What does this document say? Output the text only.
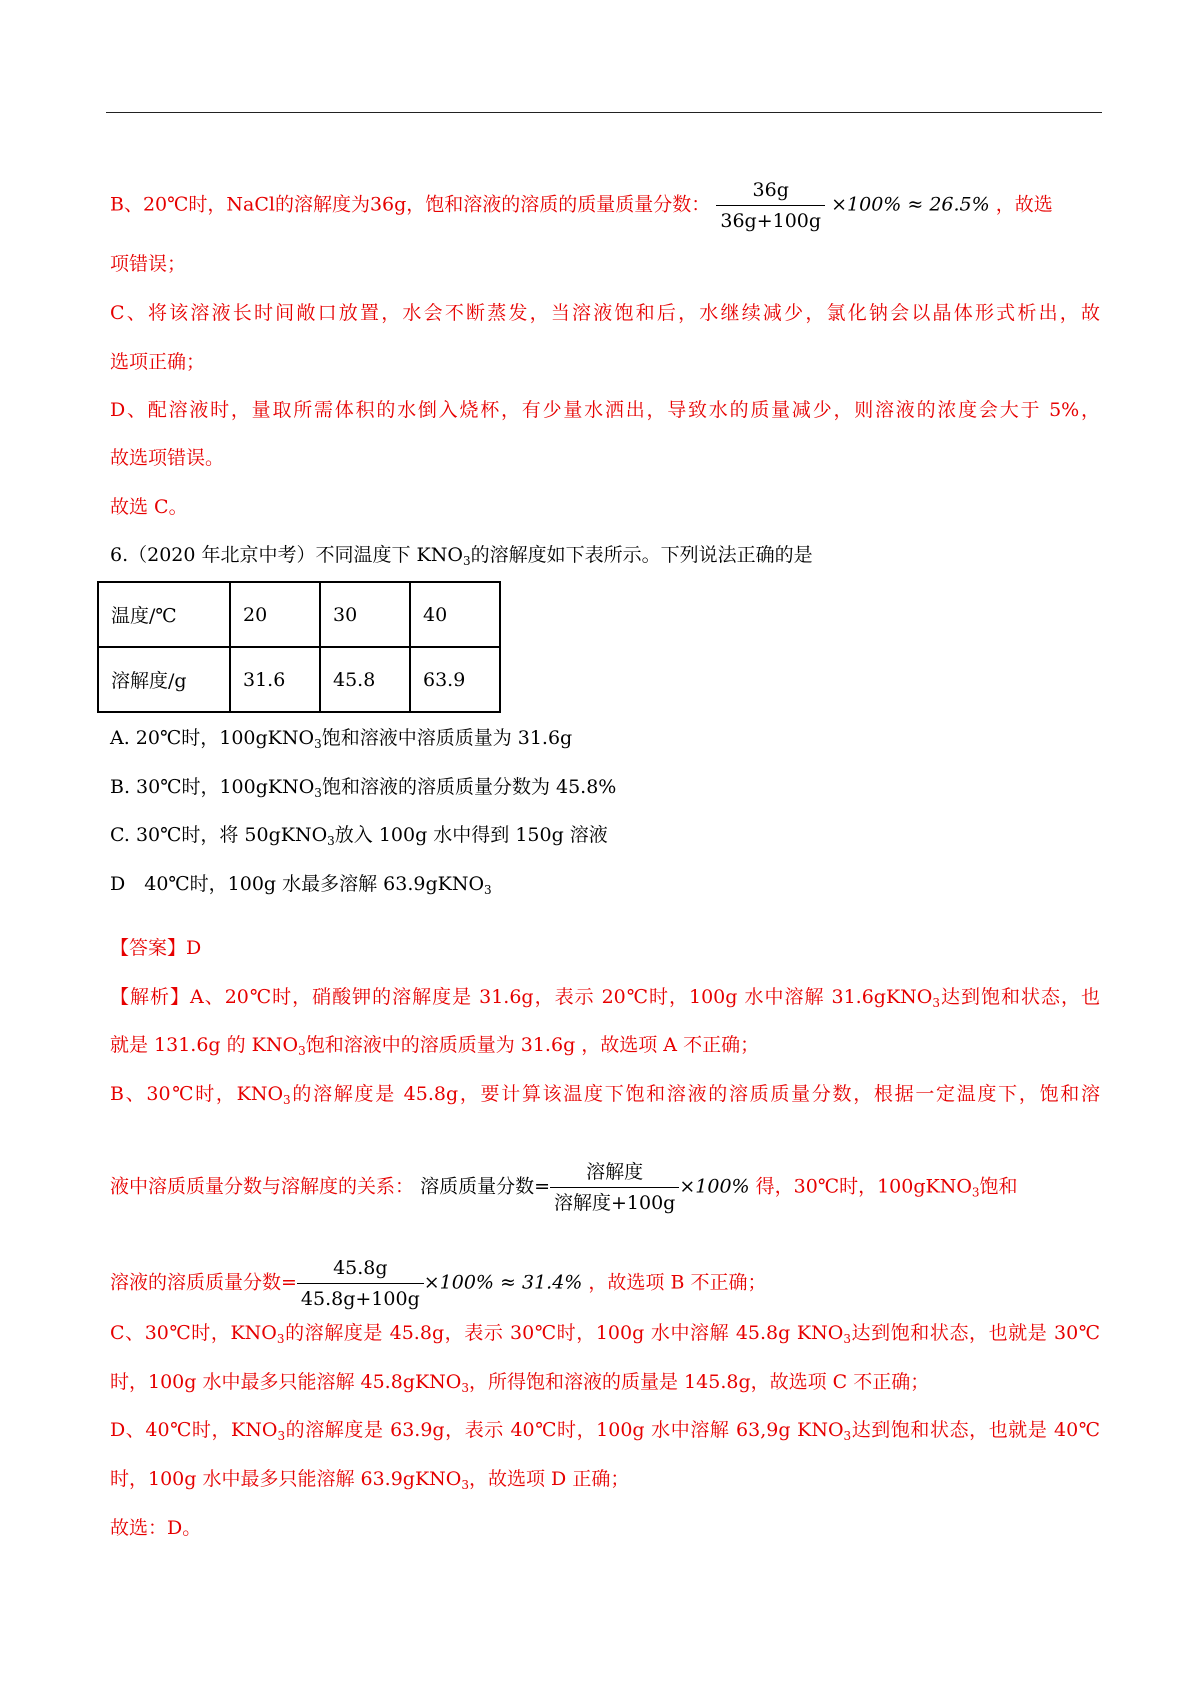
B、20℃时，NaCl的溶解度为36g，饱和溶液的溶质的质量质量分数： $\frac{36g}{36g+100g} \times 100\% \approx 26.5\%$ ，故选
项错误；
C、将该溶液长时间敞口放置，水会不断蒸发，当溶液饱和后，水继续减少，氯化钠会以晶体形式析出，故
选项正确；
D、配溶液时，量取所需体积的水倒入烧杯，有少量水洒出，导致水的质量减少，则溶液的浓度会大于 5%，
故选项错误。
故选 C。
6.（2020 年北京中考）不同温度下 $KNO_3$的溶解度如下表所示。下列说法正确的是
温度/℃	20	30	40
溶解度/g	31.6	45.8	63.9
A. 20℃时，100gKNO$_3$饱和溶液中溶质质量为 31.6g
B. 30℃时，100gKNO$_3$饱和溶液的溶质质量分数为 45.8%
C. 30℃时，将 50gKNO$_3$放入 100g 水中得到 150g 溶液
D　40℃时，100g 水最多溶解 63.9gKNO$_3$
【答案】D
【解析】A、20℃时，硝酸钾的溶解度是 31.6g，表示 20℃时，100g 水中溶解 31.6gKNO$_3$达到饱和状态，也
就是 131.6g 的 $KNO_3$饱和溶液中的溶质质量为 31.6g ，故选项 A 不正确；
B、30℃时，$KNO_3$的溶解度是 45.8g，要计算该温度下饱和溶液的溶质质量分数，根据一定温度下，饱和溶
液中溶质质量分数与溶解度的关系： 溶质质量分数= $\frac{\text{溶解度}}{\text{溶解度+100g}} \times 100\%$ 得，30℃时，100gKNO$_3$饱和
溶液的溶质质量分数= $\frac{45.8g}{45.8g+100g} \times 100\% \approx 31.4\%$ ，故选项 B 不正确；
C、30℃时，$KNO_3$的溶解度是 45.8g，表示 30℃时，100g 水中溶解 45.8g $KNO_3$达到饱和状态，也就是 30℃
时，100g 水中最多只能溶解 45.8gKNO$_3$，所得饱和溶液的质量是 145.8g，故选项 C 不正确；
D、40℃时，$KNO_3$的溶解度是 63.9g，表示 40℃时，100g 水中溶解 63,9g $KNO_3$达到饱和状态，也就是 40℃
时，100g 水中最多只能溶解 63.9gKNO$_3$，故选项 D 正确；
故选：D。
